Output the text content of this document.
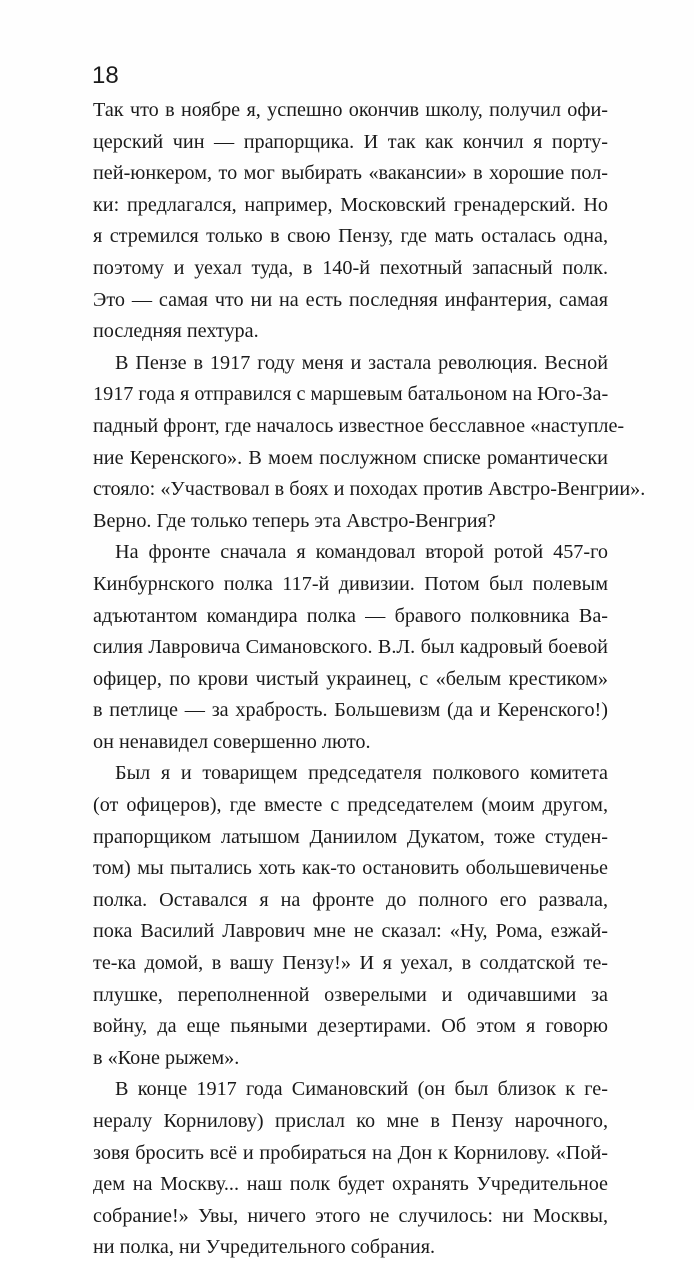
18

Так что в ноябре я, успешно окончив школу, получил офи-
церский чин — прапорщика. И так как кончил я порту-
пей-юнкером, то мог выбирать «вакансии» в хорошие пол-
ки: предлагался, например, Московский гренадерский. Но
я стремился только в свою Пензу, где мать осталась одна,
поэтому и уехал туда, в 140-й пехотный запасный полк.
Это — самая что ни на есть последняя инфантерия, самая
последняя пехтура.
В Пензе в 1917 году меня и застала революция. Весной
1917 года я отправился с маршевым батальоном на Юго-За-
падный фронт, где началось известное бесславное «наступле-
ние Керенского». В моем послужном списке романтически
стояло: «Участвовал в боях и походах против Австро-Венгрии».
Верно. Где только теперь эта Австро-Венгрия?
На фронте сначала я командовал второй ротой 457-го
Кинбурнского полка 117-й дивизии. Потом был полевым
адъютантом командира полка — бравого полковника Ва-
силия Лавровича Симановского. В.Л. был кадровый боевой
офицер, по крови чистый украинец, с «белым крестиком»
в петлице — за храбрость. Большевизм (да и Керенского!)
он ненавидел совершенно люто.
Был я и товарищем председателя полкового комитета
(от офицеров), где вместе с председателем (моим другом,
прапорщиком латышом Даниилом Дукатом, тоже студен-
том) мы пытались хоть как-то остановить обольшевиченье
полка. Оставался я на фронте до полного его развала,
пока Василий Лаврович мне не сказал: «Ну, Рома, езжай-
те-ка домой, в вашу Пензу!» И я уехал, в солдатской те-
плушке, переполненной озверелыми и одичавшими за
войну, да еще пьяными дезертирами. Об этом я говорю
в «Коне рыжем».
В конце 1917 года Симановский (он был близок к ге-
нералу Корнилову) прислал ко мне в Пензу нарочного,
зовя бросить всё и пробираться на Дон к Корнилову. «Пой-
дем на Москву... наш полк будет охранять Учредительное
собрание!» Увы, ничего этого не случилось: ни Москвы,
ни полка, ни Учредительного собрания.
